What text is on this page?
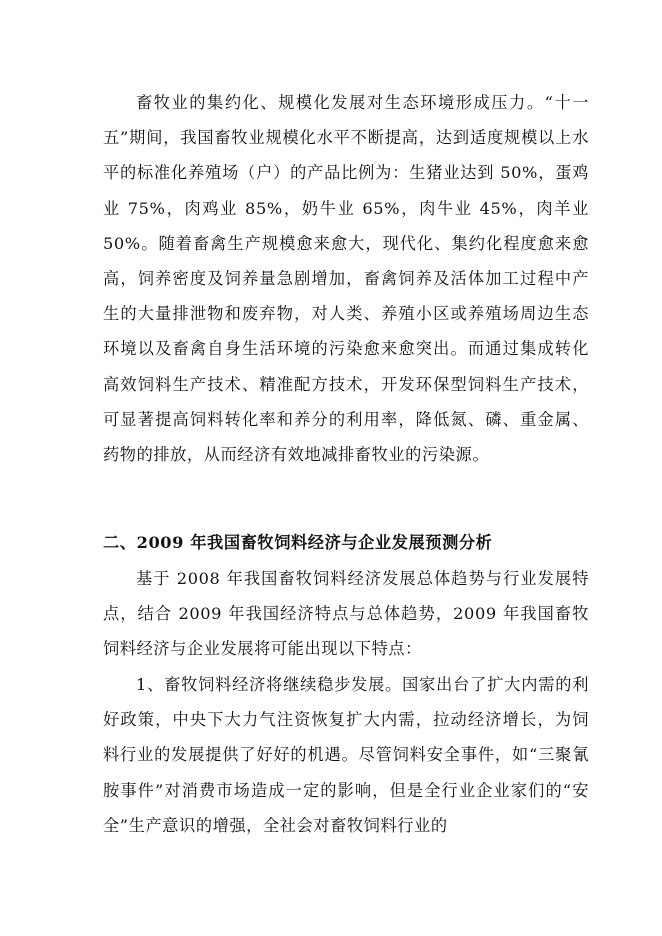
畜牧业的集约化、规模化发展对生态环境形成压力。“十一五”期间，我国畜牧业规模化水平不断提高，达到适度规模以上水平的标准化养殖场（户）的产品比例为：生猪业达到 50%，蛋鸡业 75%，肉鸡业 85%，奶牛业 65%，肉牛业 45%，肉羊业 50%。随着畜禽生产规模愈来愈大，现代化、集约化程度愈来愈高，饲养密度及饲养量急剧增加，畜禽饲养及活体加工过程中产生的大量排泄物和废弃物，对人类、养殖小区或养殖场周边生态环境以及畜禽自身生活环境的污染愈来愈突出。而通过集成转化高效饲料生产技术、精准配方技术，开发环保型饲料生产技术，可显著提高饲料转化率和养分的利用率，降低氮、磷、重金属、药物的排放，从而经济有效地减排畜牧业的污染源。

二、2009 年我国畜牧饲料经济与企业发展预测分析

基于 2008 年我国畜牧饲料经济发展总体趋势与行业发展特点，结合 2009 年我国经济特点与总体趋势，2009 年我国畜牧饲料经济与企业发展将可能出现以下特点：

1、畜牧饲料经济将继续稳步发展。国家出台了扩大内需的利好政策，中央下大力气注资恢复扩大内需，拉动经济增长，为饲料行业的发展提供了好好的机遇。尽管饲料安全事件，如“三聚氰胺事件”对消费市场造成一定的影响，但是全行业企业家们的“安全”生产意识的增强，全社会对畜牧饲料行业的
